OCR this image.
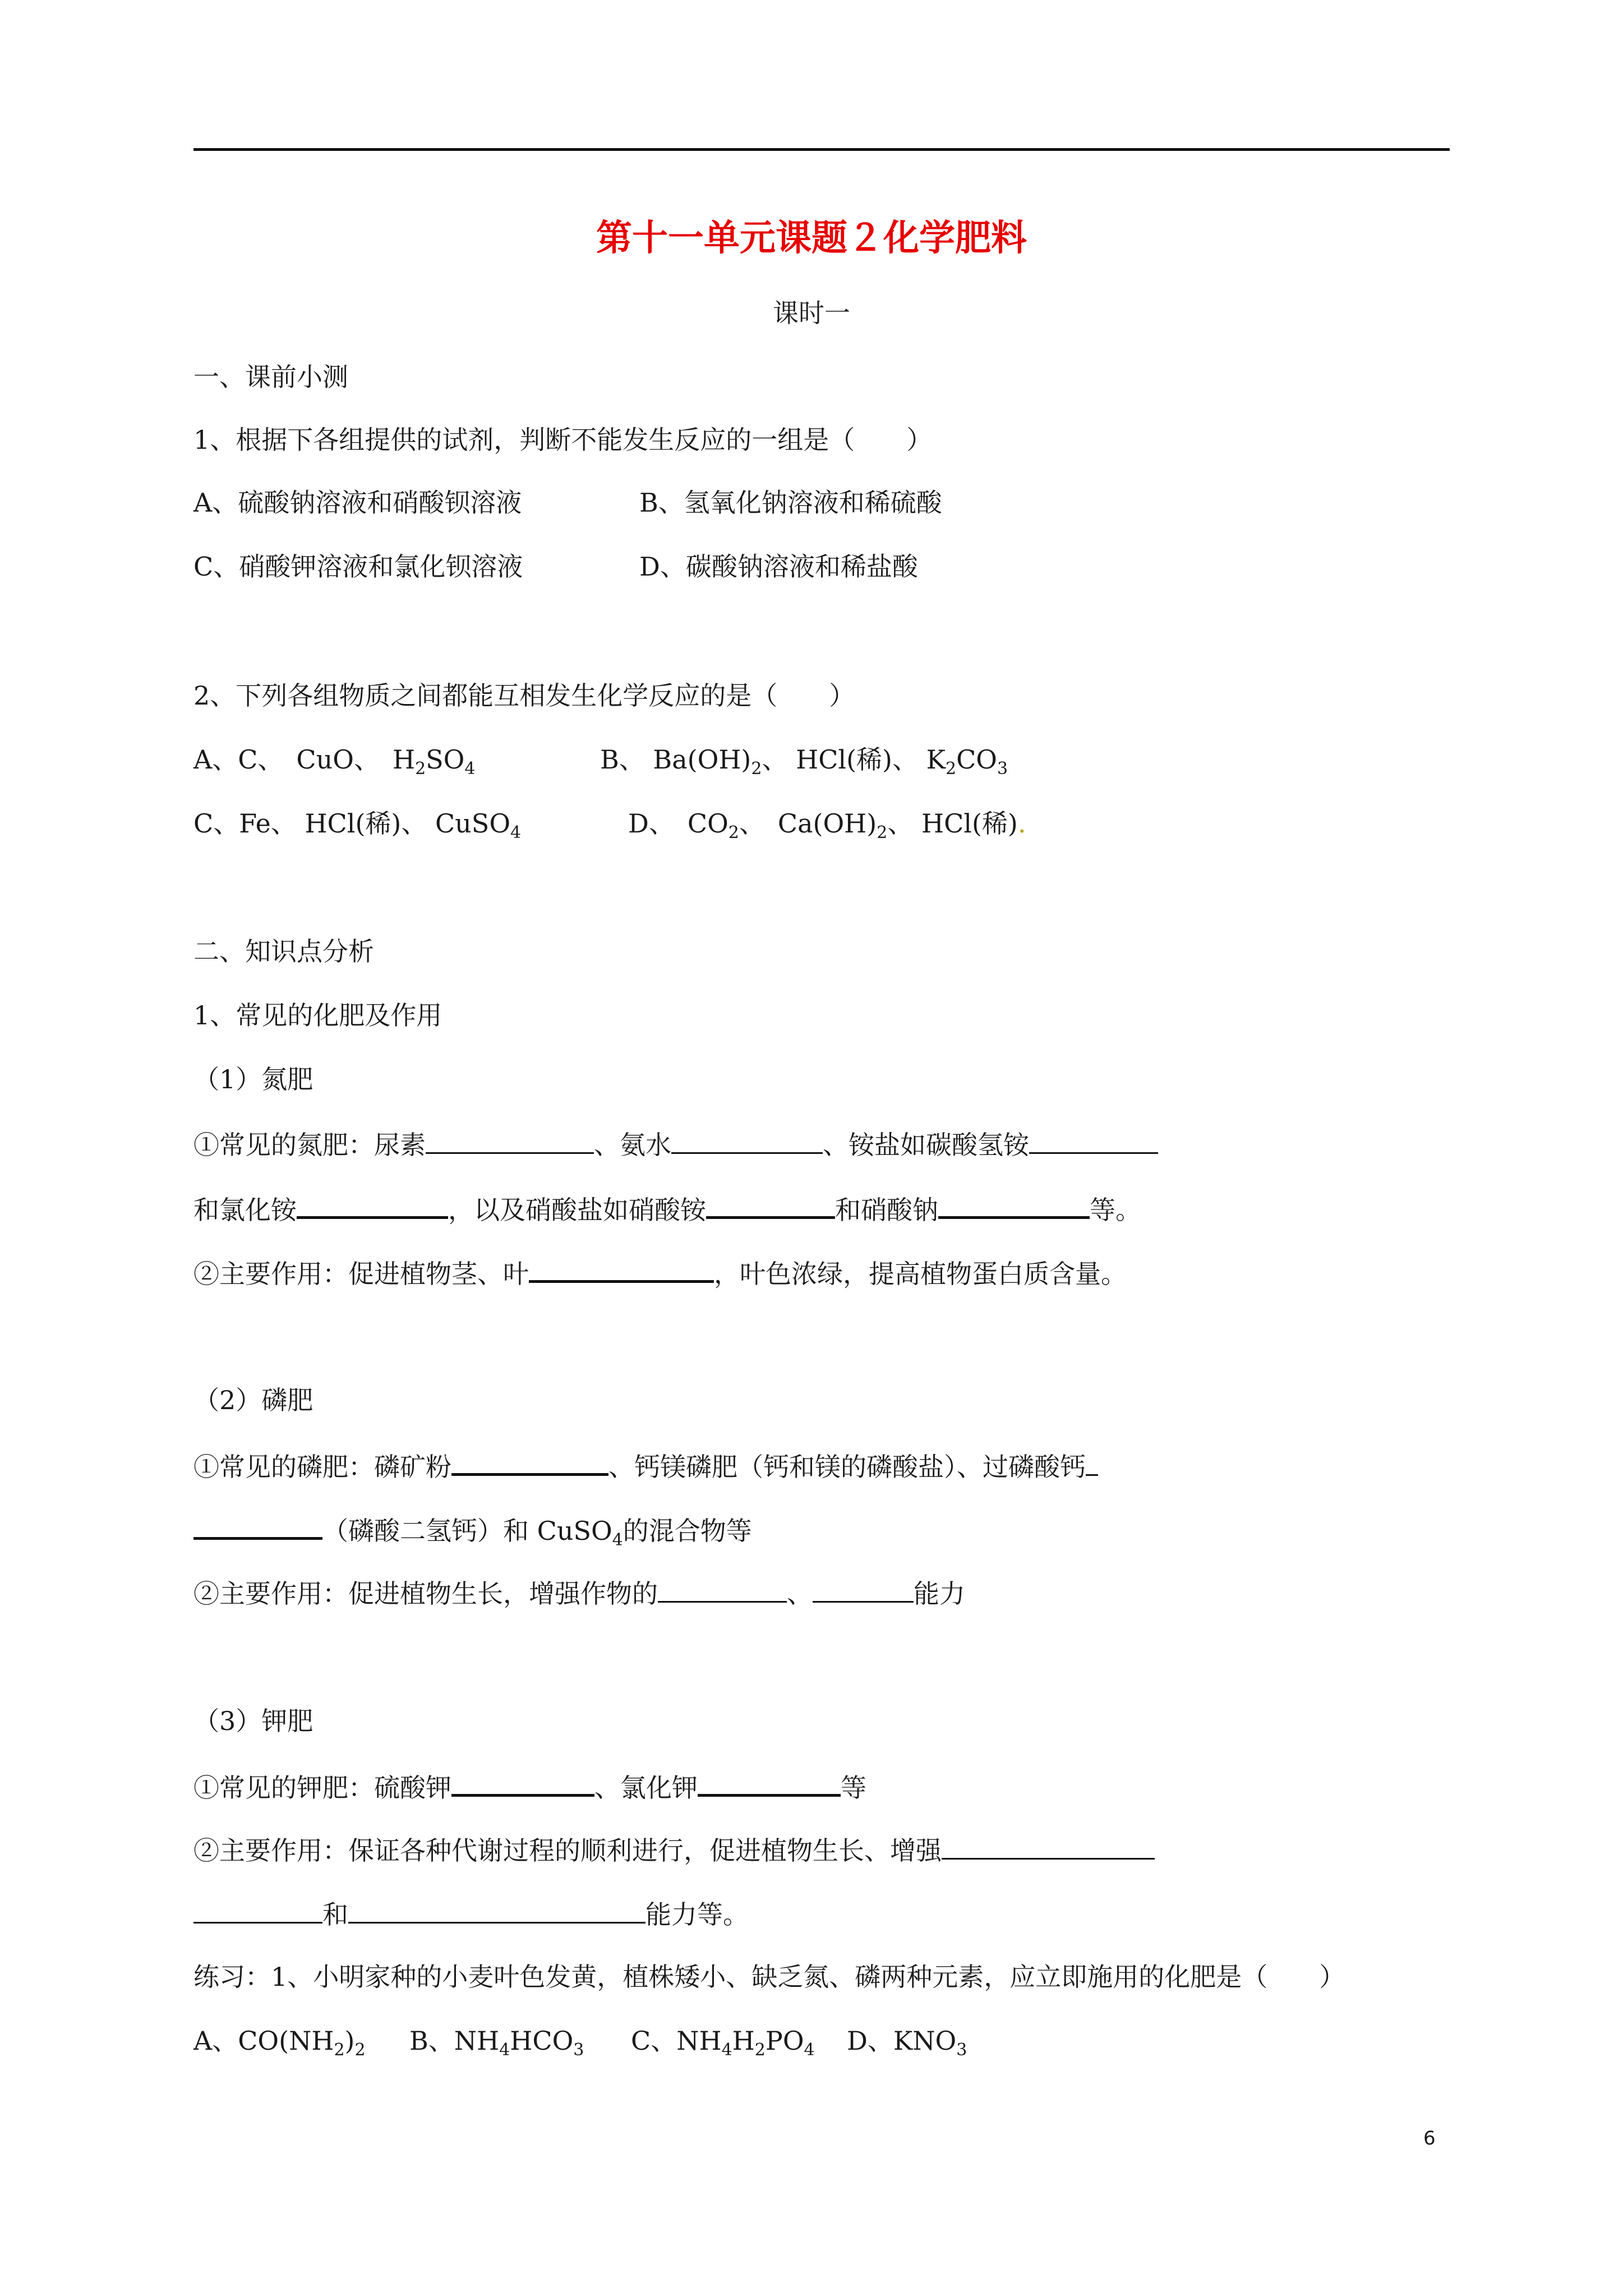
第十一单元课题２化学肥料
课时一
一、课前小测
1、根据下各组提供的试剂，判断不能发生反应的一组是（　　）
A、硫酸钠溶液和硝酸钡溶液	B、氢氧化钠溶液和稀硫酸
C、硝酸钾溶液和氯化钡溶液	D、碳酸钠溶液和稀盐酸
2、下列各组物质之间都能互相发生化学反应的是（　　）
A、C、　CuO、　$H_2SO_4$	B、 $Ba(OH)_2$、 HCl(稀)、 $K_2CO_3$
C、Fe、 HCl(稀)、 CuSO$_4$	D、　$CO_2$、　$Ca(OH)_2$、 HCl(稀).
二、知识点分析
1、常见的化肥及作用
（1）氮肥
①常见的氮肥：尿素	、氨水	、铵盐如碳酸氢铵
和氯化铵	，以及硝酸盐如硝酸铵	和硝酸钠	等。
②主要作用：促进植物茎、叶	，叶色浓绿，提高植物蛋白质含量。
（2）磷肥
①常见的磷肥：磷矿粉	、钙镁磷肥（钙和镁的磷酸盐）、过磷酸钙
（磷酸二氢钙）和 CuSO$_4$的混合物等
②主要作用：促进植物生长，增强作物的	、	能力
（3）钾肥
①常见的钾肥：硫酸钾	、氯化钾	等
②主要作用：保证各种代谢过程的顺利进行，促进植物生长、增强
和	能力等。
练习：1、小明家种的小麦叶色发黄，植株矮小、缺乏氮、磷两种元素，应立即施用的化肥是（　　）
A、$CO(NH_2)_2$ B、$NH_4HCO_3$ C、$NH_4H_2PO_4$ D、$KNO_3$
6
